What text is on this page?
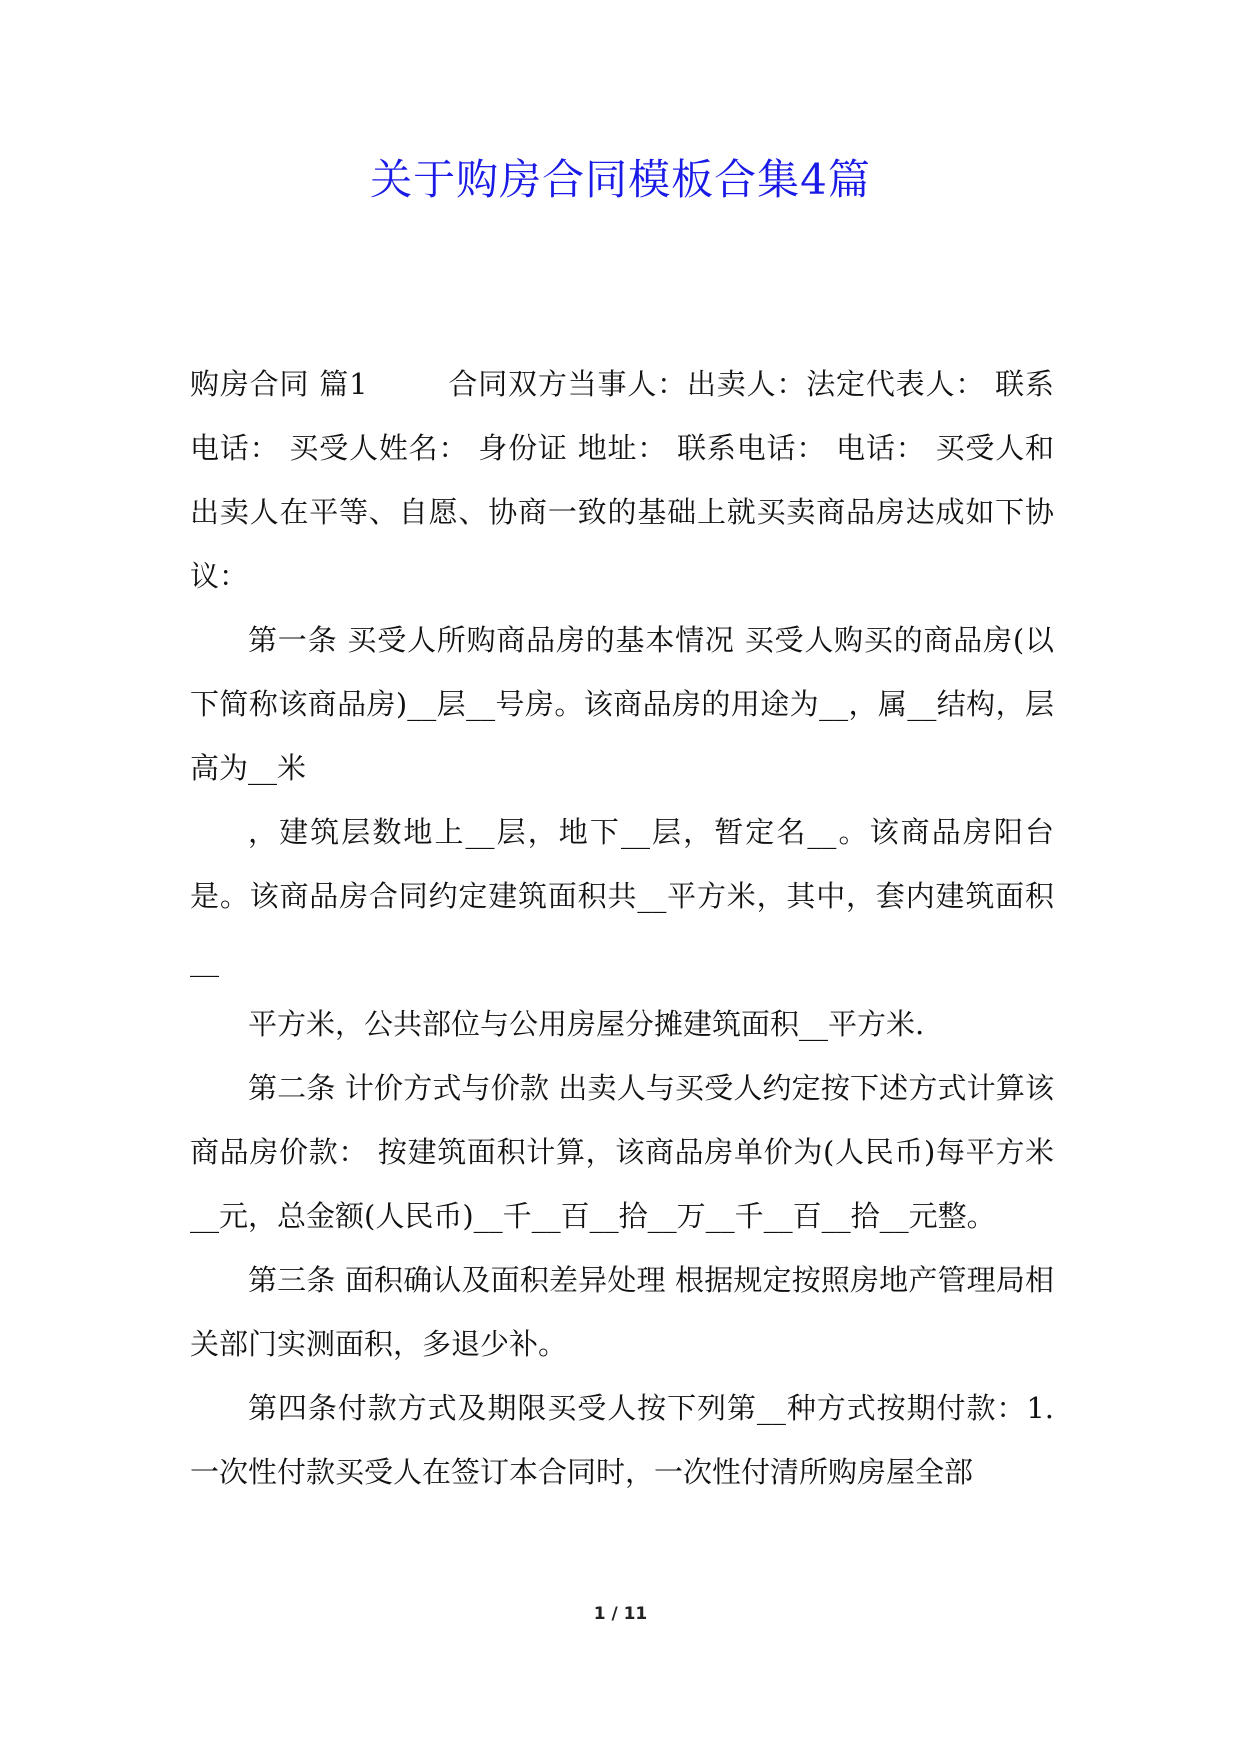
关于购房合同模板合集4篇

购房合同 篇1	合同双方当事人：出卖人：法定代表人： 联系电话： 买受人姓名： 身份证 地址： 联系电话： 电话： 买受人和出卖人在平等、自愿、协商一致的基础上就买卖商品房达成如下协议：

第一条 买受人所购商品房的基本情况 买受人购买的商品房(以下简称该商品房)__层__号房。该商品房的用途为__，属__结构，层高为__米

，建筑层数地上__层，地下__层，暂定名__。该商品房阳台是。该商品房合同约定建筑面积共__平方米，其中，套内建筑面积__

平方米，公共部位与公用房屋分摊建筑面积__平方米.

第二条 计价方式与价款 出卖人与买受人约定按下述方式计算该商品房价款： 按建筑面积计算，该商品房单价为(人民币)每平方米__元，总金额(人民币)__千__百__拾__万__千__百__拾__元整。

第三条 面积确认及面积差异处理 根据规定按照房地产管理局相关部门实测面积，多退少补。

第四条付款方式及期限买受人按下列第__种方式按期付款：1.一次性付款买受人在签订本合同时，一次性付清所购房屋全部

1 / 11
